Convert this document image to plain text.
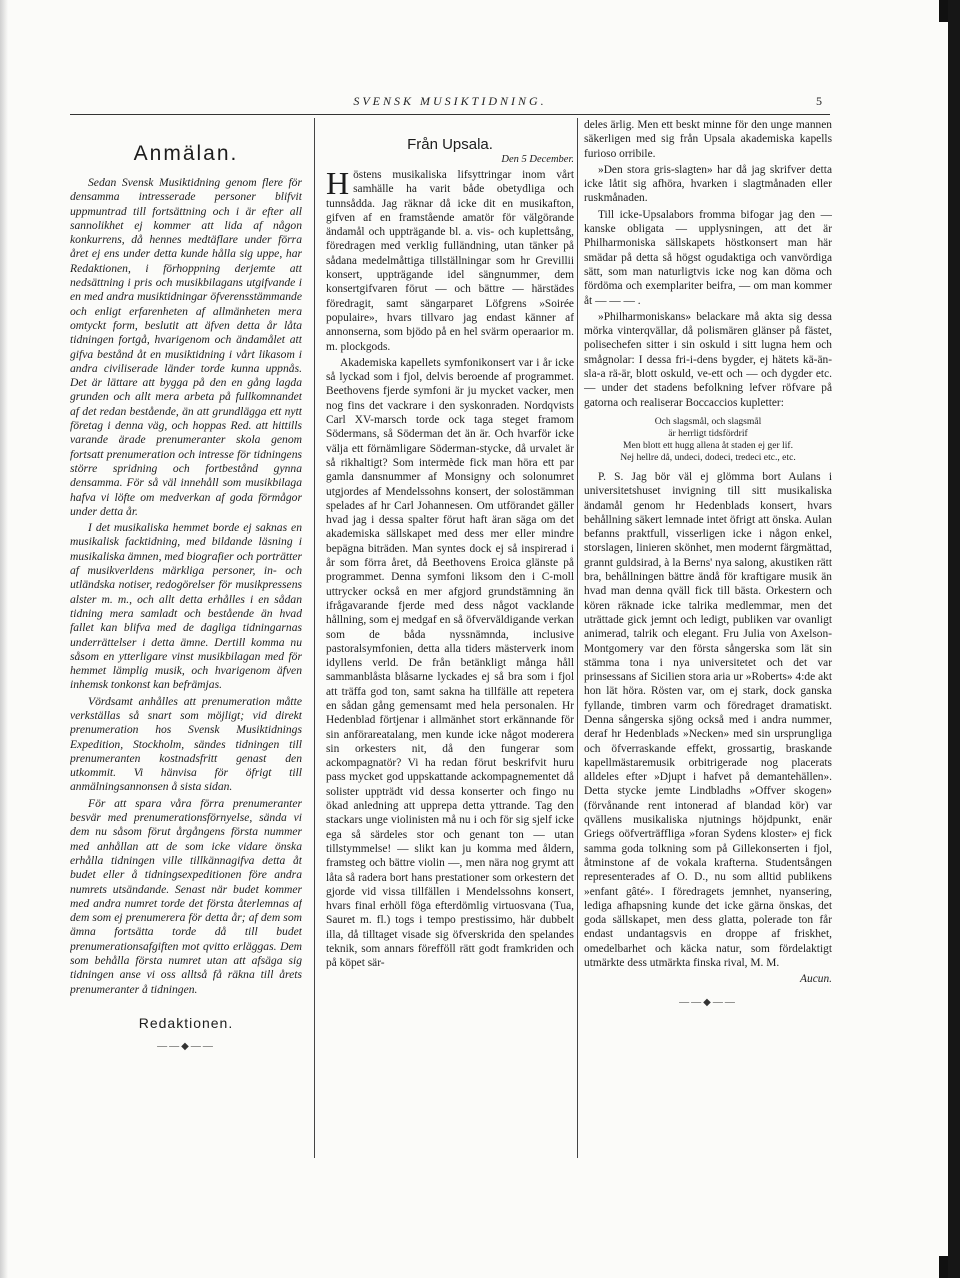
SVENSK MUSIKTIDNING.	5
Anmälan.

Sedan Svensk Musiktidning genom flere för densamma intresserade personer blifvit uppmuntrad till fortsättning och i är efter all sannolikhet ej kommer att lida af någon konkurrens, då hennes medtäflare under förra året ej ens under detta kunde hålla sig uppe, har Redaktionen, i förhoppning derjemte att nedsättning i pris och musikbilagans utgifvande i en med andra musiktidningar öfverensstämmande och enligt erfarenheten af allmänheten mera omtyckt form, beslutit att äfven detta år låta tidningen fortgå, hvarigenom och ändamålet att gifva bestånd åt en musiktidning i vårt likasom i andra civiliserade länder torde kunna uppnås. Det är lättare att bygga på den en gång lagda grunden och allt mera arbeta på fullkomnandet af det redan bestående, än att grundlägga ett nytt företag i denna väg, och hoppas Red. att hittills varande ärade prenumeranter skola genom fortsatt prenumeration och intresse för tidningens större spridning och fortbestånd gynna densamma. För så väl innehåll som musikbilaga hafva vi löfte om medverkan af goda förmågor under detta år.

I det musikaliska hemmet borde ej saknas en musikalisk facktidning, med bildande läsning i musikaliska ämnen, med biografier och porträtter af musikverldens märkliga personer, in- och utländska notiser, redogörelser för musikpressens alster m. m., och allt detta erhålles i en sådan tidning mera samladt och bestående än hvad fallet kan blifva med de dagliga tidningarnas underrättelser i detta ämne. Dertill komma nu såsom en ytterligare vinst musikbilagan med för hemmet lämplig musik, och hvarigenom äfven inhemsk tonkonst kan befrämjas.

Vördsamt anhålles att prenumeration måtte verkställas så snart som möjligt; vid direkt prenumeration hos Svensk Musiktidnings Expedition, Stockholm, sändes tidningen till prenumeranten kostnadsfritt genast den utkommit. Vi hänvisa för öfrigt till anmälningsannonsen å sista sidan.

För att spara våra förra prenumeranter besvär med prenumerationsförnyelse, sända vi dem nu såsom förut årgångens första nummer med anhållan att de som icke vidare önska erhålla tidningen ville tillkännagifva detta åt budet eller å tidningsexpeditionen före andra numrets utsändande. Senast när budet kommer med andra numret torde det första återlemnas af dem som ej prenumerera för detta år; af dem som ämna fortsätta torde då till budet prenumerationsafgiften mot qvitto erläggas. Dem som behålla första numret utan att afsäga sig tidningen anse vi oss alltså få räkna till årets prenumeranter å tidningen.

Redaktionen.
——◆——
Från Upsala.
Den 5 December.

Höstens musikaliska lifsyttringar inom vårt samhälle ha varit både obetydliga och tunnsådda. Jag räknar då icke dit en musikafton, gifven af en framstående amatör för välgörande ändamål och uppträgande bl. a. vis- och kuplettsång, föredragen med verklig fulländning, utan tänker på sådana medelmåttiga tillställningar som hr Grevillii konsert, uppträgande idel sängnummer, dem konsertgifvaren förut — och bättre — härstädes föredragit, samt sängarparet Löfgrens »Soirée populaire», hvars tillvaro jag endast känner af annonserna, som bjödo på en hel svärm operaarior m. m. plockgods.

Akademiska kapellets symfonikonsert var i år icke så lyckad som i fjol, delvis beroende af programmet. Beethovens fjerde symfoni är ju mycket vacker, men nog fins det vackrare i den syskonraden. Nordqvists Carl XV-marsch torde ock taga steget framom Södermans, så Söderman det än är. Och hvarför icke välja ett förnämligare Söderman-stycke, då urvalet är så rikhaltigt? Som intermède fick man höra ett par gamla dansnummer af Monsigny och solonumret utgjordes af Mendelssohns konsert, der solostämman spelades af hr Carl Johannesen. Om utförandet gäller hvad jag i dessa spalter förut haft äran säga om det akademiska sällskapet med dess mer eller mindre bepägna biträden. Man syntes dock ej så inspirerad i år som förra året, då Beethovens Eroica glänste på programmet. Denna symfoni liksom den i C-moll uttrycker också en mer afgjord grundstämning än ifrågavarande fjerde med dess något vacklande hållning, som ej medgaf en så öfverväldigande verkan som de båda nyssnämnda, inclusive pastoralsymfonien, detta alla tiders mästerverk inom idyllens verld. De från betänkligt många håll sammanblåsta blåsarne lyckades ej så bra som i fjol att träffa god ton, samt sakna ha tillfälle att repetera en sådan gång gemensamt med hela personalen. Hr Hedenblad förtjenar i allmänhet stort erkännande för sin anförareatalang, men kunde icke något moderera sin orkesters nit, då den fungerar som ackompagnatör? Vi ha redan förut beskrifvit huru pass mycket god uppskattande ackompagnementet då solister uppträdt vid dessa konserter och fingo nu ökad anledning att upprepa detta yttrande. Tag den stackars unge violinisten må nu i och för sig sjelf icke ega så särdeles stor och genant ton — utan tillstymmelse! — slikt kan ju komma med åldern, framsteg och bättre violin —, men nära nog grymt att låta så radera bort hans prestationer som orkestern det gjorde vid vissa tillfällen i Mendelssohns konsert, hvars final erhöll föga efterdömlig virtuosvana (Tua, Sauret m. fl.) togs i tempo prestissimo, här dubbelt illa, då tilltaget visade sig öfverskrida den spelandes teknik, som annars förefföll rätt godt framkriden och på köpet sär-

deles ärlig. Men ett beskt minne för den unge mannen säkerligen med sig från Upsala akademiska kapells furioso orribile.

»Den stora gris-slagten» har då jag skrifver detta icke låtit sig afhöra, hvarken i slagtmånaden eller ruskmånaden.

Till icke-Upsalabors fromma bifogar jag den — kanske obligata — upplysningen, att det är Philharmoniska sällskapets höstkonsert man här smädar på detta så högst ogudaktiga och vanvördiga sätt, som man naturligtvis icke nog kan döma och fördöma och exemplariter beifra, — om man kommer åt — — — .

»Philharmoniskans» belackare må akta sig dessa mörka vinterqvällar, då polismären glänser på fästet, polisechefen sitter i sin oskuld i sitt lugna hem och smågnolar: I dessa fri-i-dens bygder, ej hätets kä-än-sla-a rä-är, blott oskuld, ve-ett och — och dygder etc. — under det stadens befolkning lefver röfvare på gatorna och realiserar Boccaccios kupletter:

Och slagsmål, och slagsmål
är herrligt tidsfördrif
Men blott ett hugg allena åt staden ej ger lif.
Nej hellre då, undeci, dodeci, tredeci etc., etc.

P. S. Jag bör väl ej glömma bort Aulans i universitetshuset invigning till sitt musikaliska ändamål genom hr Hedenblads konsert, hvars behållning säkert lemnade intet öfrigt att önska. Aulan befanns praktfull, visserligen icke i någon enkel, storslagen, linieren skönhet, men modernt färgmättad, grannt guldsirad, à la Berns' nya salong, akustiken rätt bra, behållningen bättre ändå för kraftigare musik än hvad man denna qväll fick till bästa. Orkestern och kören räknade icke talrika medlemmar, men det uträttade gick jemnt och ledigt, publiken var ovanligt animerad, talrik och elegant. Fru Julia von Axelson-Montgomery var den första sångerska som lät sin stämma tona i nya universitetet och det var prinsessans af Sicilien stora aria ur »Roberts» 4:de akt hon lät höra. Rösten var, om ej stark, dock ganska fyllande, timbren varm och föredraget dramatiskt. Denna sångerska sjöng också med i andra nummer, deraf hr Hedenblads »Necken» med sin ursprungliga och öfverraskande effekt, grossartig, braskande kapellmästaremusik orbitrigerade nog placerats alldeles efter »Djupt i hafvet på demantehällen». Detta stycke jemte Lindbladhs »Offver skogen» (förvånande rent intonerad af blandad kör) var qvällens musikaliska njutnings höjdpunkt, enär Griegs oöfverträffliga »foran Sydens kloster» ej fick samma goda tolkning som på Gillekonserten i fjol, åtminstone af de vokala krafterna. Studentsången representerades af O. D., nu som alltid publikens »enfant gâté». I föredragets jemnhet, nyansering, lediga afhapsning kunde det icke gärna önskas, det goda sällskapet, men dess glatta, polerade ton får endast undantagsvis en droppe af friskhet, omedelbarhet och käcka natur, som fördelaktigt utmärkte dess utmärkta finska rival, M. M.

Aucun.
——◆——
